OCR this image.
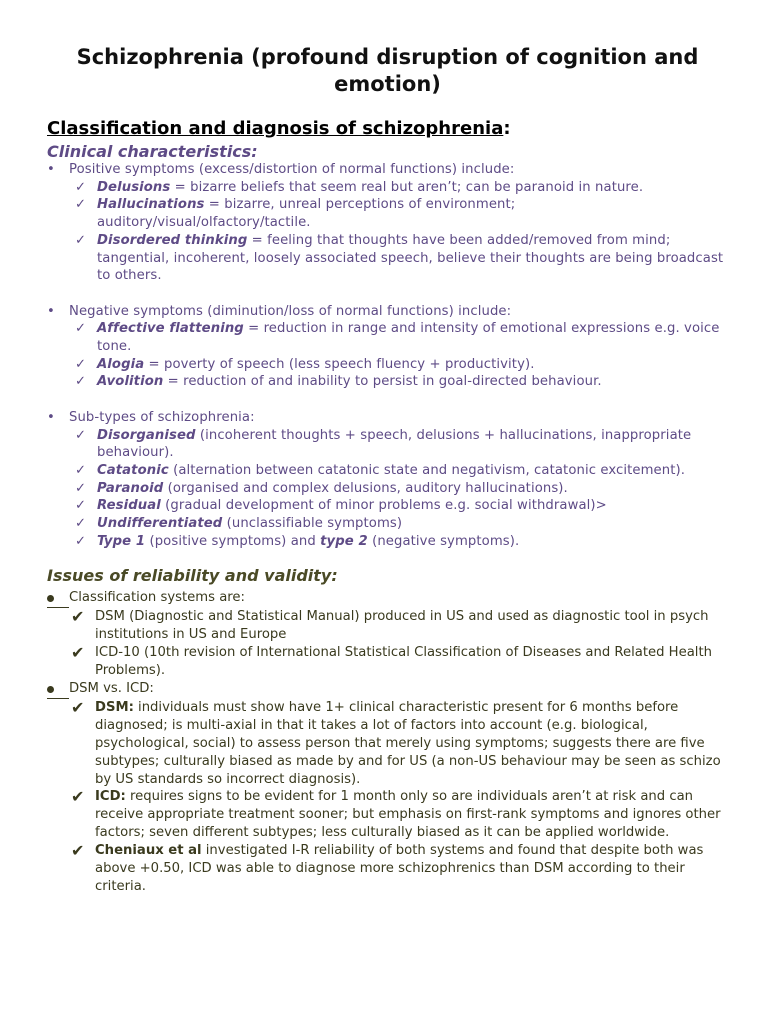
Schizophrenia (profound disruption of cognition and emotion)
Classification and diagnosis of schizophrenia:
Clinical characteristics:
•	Positive symptoms (excess/distortion of normal functions) include:
✓ Delusions = bizarre beliefs that seem real but aren’t; can be paranoid in nature.
✓ Hallucinations = bizarre, unreal perceptions of environment; auditory/visual/olfactory/tactile.
✓ Disordered thinking = feeling that thoughts have been added/removed from mind; tangential, incoherent, loosely associated speech, believe their thoughts are being broadcast to others.
•	Negative symptoms (diminution/loss of normal functions) include:
✓ Affective flattening = reduction in range and intensity of emotional expressions e.g. voice tone.
✓ Alogia = poverty of speech (less speech fluency + productivity).
✓ Avolition = reduction of and inability to persist in goal-directed behaviour.
•	Sub-types of schizophrenia:
✓ Disorganised (incoherent thoughts + speech, delusions + hallucinations, inappropriate behaviour).
✓ Catatonic (alternation between catatonic state and negativism, catatonic excitement).
✓ Paranoid (organised and complex delusions, auditory hallucinations).
✓ Residual (gradual development of minor problems e.g. social withdrawal)>
✓ Undifferentiated (unclassifiable symptoms)
✓ Type 1 (positive symptoms) and type 2 (negative symptoms).
Issues of reliability and validity:
Classification systems are:
✔ DSM (Diagnostic and Statistical Manual) produced in US and used as diagnostic tool in psych institutions in US and Europe
✔ ICD-10 (10th revision of International Statistical Classification of Diseases and Related Health Problems).
DSM vs. ICD:
✔ DSM: individuals must show have 1+ clinical characteristic present for 6 months before diagnosed; is multi-axial in that it takes a lot of factors into account (e.g. biological, psychological, social) to assess person that merely using symptoms; suggests there are five subtypes; culturally biased as made by and for US (a non-US behaviour may be seen as schizo by US standards so incorrect diagnosis).
✔ ICD: requires signs to be evident for 1 month only so are individuals aren’t at risk and can receive appropriate treatment sooner; but emphasis on first-rank symptoms and ignores other factors; seven different subtypes; less culturally biased as it can be applied worldwide.
✔ Cheniaux et al investigated I-R reliability of both systems and found that despite both was above +0.50, ICD was able to diagnose more schizophrenics than DSM according to their criteria.
